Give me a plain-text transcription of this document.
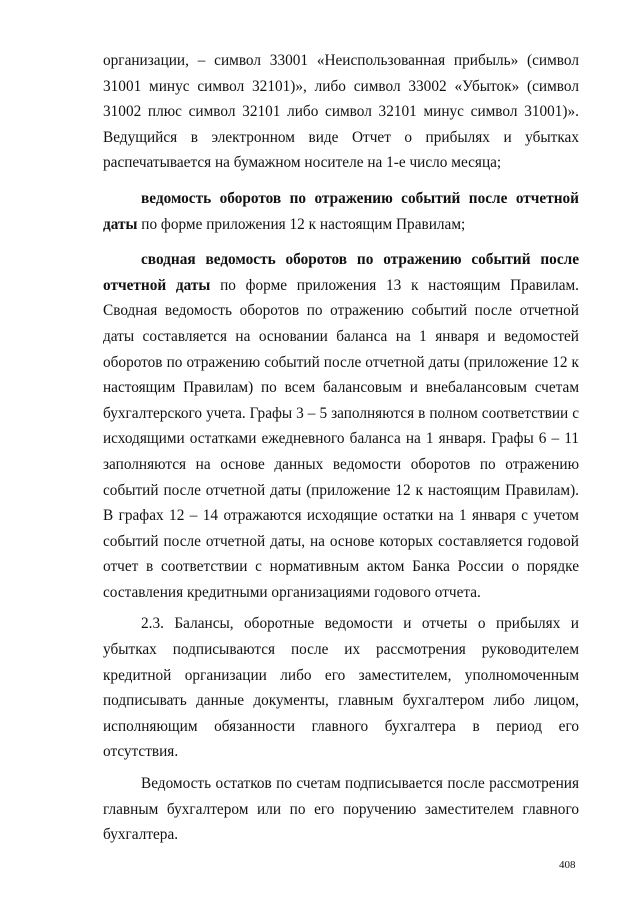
организации, – символ 33001 «Неиспользованная прибыль» (символ 31001 минус символ 32101)», либо символ 33002 «Убыток» (символ 31002 плюс символ 32101 либо символ 32101 минус символ 31001)». Ведущийся в электронном виде Отчет о прибылях и убытках распечатывается на бумажном носителе на 1-е число месяца;

ведомость оборотов по отражению событий после отчетной даты по форме приложения 12 к настоящим Правилам;

сводная ведомость оборотов по отражению событий после отчетной даты по форме приложения 13 к настоящим Правилам. Сводная ведомость оборотов по отражению событий после отчетной даты составляется на основании баланса на 1 января и ведомостей оборотов по отражению событий после отчетной даты (приложение 12 к настоящим Правилам) по всем балансовым и внебалансовым счетам бухгалтерского учета. Графы 3 – 5 заполняются в полном соответствии с исходящими остатками ежедневного баланса на 1 января. Графы 6 – 11 заполняются на основе данных ведомости оборотов по отражению событий после отчетной даты (приложение 12 к настоящим Правилам). В графах 12 – 14 отражаются исходящие остатки на 1 января с учетом событий после отчетной даты, на основе которых составляется годовой отчет в соответствии с нормативным актом Банка России о порядке составления кредитными организациями годового отчета.

2.3. Балансы, оборотные ведомости и отчеты о прибылях и убытках подписываются после их рассмотрения руководителем кредитной организации либо его заместителем, уполномоченным подписывать данные документы, главным бухгалтером либо лицом, исполняющим обязанности главного бухгалтера в период его отсутствия.

Ведомость остатков по счетам подписывается после рассмотрения главным бухгалтером или по его поручению заместителем главного бухгалтера.

408
